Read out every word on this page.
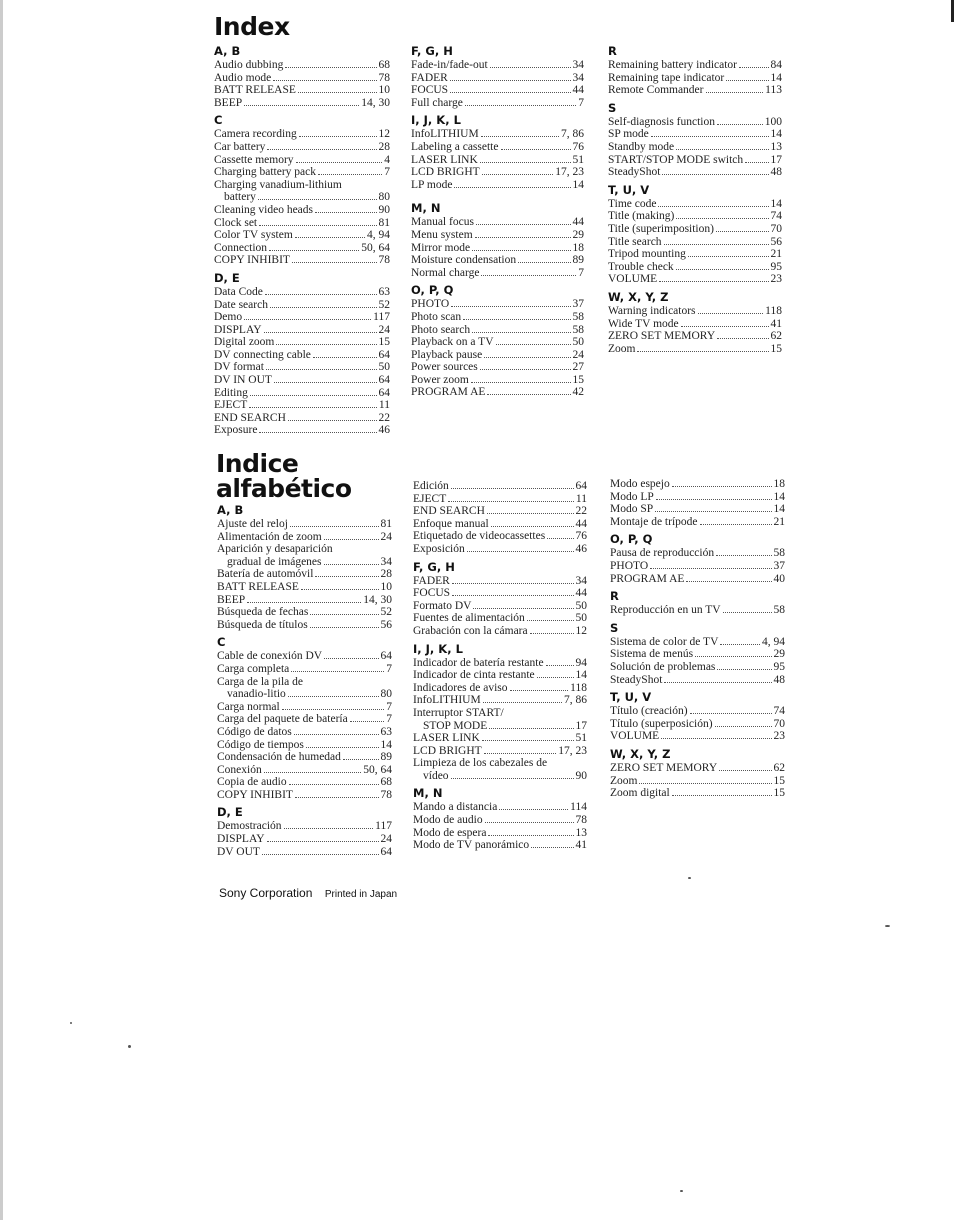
Index
A, B
Audio dubbing	68
Audio mode	78
BATT RELEASE	10
BEEP	14, 30
C
Camera recording	12
Car battery	28
Cassette memory	4
Charging battery pack	7
Charging vanadium-lithium
battery	80
Cleaning video heads	90
Clock set	81
Color TV system	4, 94
Connection	50, 64
COPY INHIBIT	78
D, E
Data Code	63
Date search	52
Demo	117
DISPLAY	24
Digital zoom	15
DV connecting cable	64
DV format	50
DV IN OUT	64
Editing	64
EJECT	11
END SEARCH	22
Exposure	46
F, G, H
Fade-in/fade-out	34
FADER	34
FOCUS	44
Full charge	7
I, J, K, L
InfoLITHIUM	7, 86
Labeling a cassette	76
LASER LINK	51
LCD BRIGHT	17, 23
LP mode	14
M, N
Manual focus	44
Menu system	29
Mirror mode	18
Moisture condensation	89
Normal charge	7
O, P, Q
PHOTO	37
Photo scan	58
Photo search	58
Playback on a TV	50
Playback pause	24
Power sources	27
Power zoom	15
PROGRAM AE	42
R
Remaining battery indicator	84
Remaining tape indicator	14
Remote Commander	113
S
Self-diagnosis function	100
SP mode	14
Standby mode	13
START/STOP MODE switch 17
SteadyShot	48
T, U, V
Time code	14
Title (making)	74
Title (superimposition)	70
Title search	56
Tripod mounting	21
Trouble check	95
VOLUME	23
W, X, Y, Z
Warning indicators	118
Wide TV mode	41
ZERO SET MEMORY	62
Zoom	15
Indice alfabético
A, B
Ajuste del reloj	81
Alimentación de zoom	24
Aparición y desaparición
gradual de imágenes	34
Batería de automóvil	28
BATT RELEASE	10
BEEP	14, 30
Búsqueda de fechas	52
Búsqueda de títulos	56
C
Cable de conexión DV	64
Carga completa	7
Carga de la pila de
vanadio-litio	80
Carga normal	7
Carga del paquete de batería	7
Código de datos	63
Código de tiempos	14
Condensación de humedad	89
Conexión	50, 64
Copia de audio	68
COPY INHIBIT	78
D, E
Demostración	117
DISPLAY	24
DV OUT	64
Edición	64
EJECT	11
END SEARCH	22
Enfoque manual	44
Etiquetado de videocassettes	76
Exposición	46
F, G, H
FADER	34
FOCUS	44
Formato DV	50
Fuentes de alimentación	50
Grabación con la cámara	12
I, J, K, L
Indicador de batería restante	94
Indicador de cinta restante	14
Indicadores de aviso	118
InfoLITHIUM	7, 86
Interruptor START/
STOP MODE	17
LASER LINK	51
LCD BRIGHT	17, 23
Limpieza de los cabezales de
vídeo	90
M, N
Mando a distancia	114
Modo de audio	78
Modo de espera	13
Modo de TV panorámico	41
Modo espejo	18
Modo LP	14
Modo SP	14
Montaje de trípode	21
O, P, Q
Pausa de reproducción	58
PHOTO	37
PROGRAM AE	40
R
Reproducción en un TV	58
S
Sistema de color de TV	4, 94
Sistema de menús	29
Solución de problemas	95
SteadyShot	48
T, U, V
Título (creación)	74
Título (superposición)	70
VOLUME	23
W, X, Y, Z
ZERO SET MEMORY	62
Zoom	15
Zoom digital	15
Sony Corporation Printed in Japan
